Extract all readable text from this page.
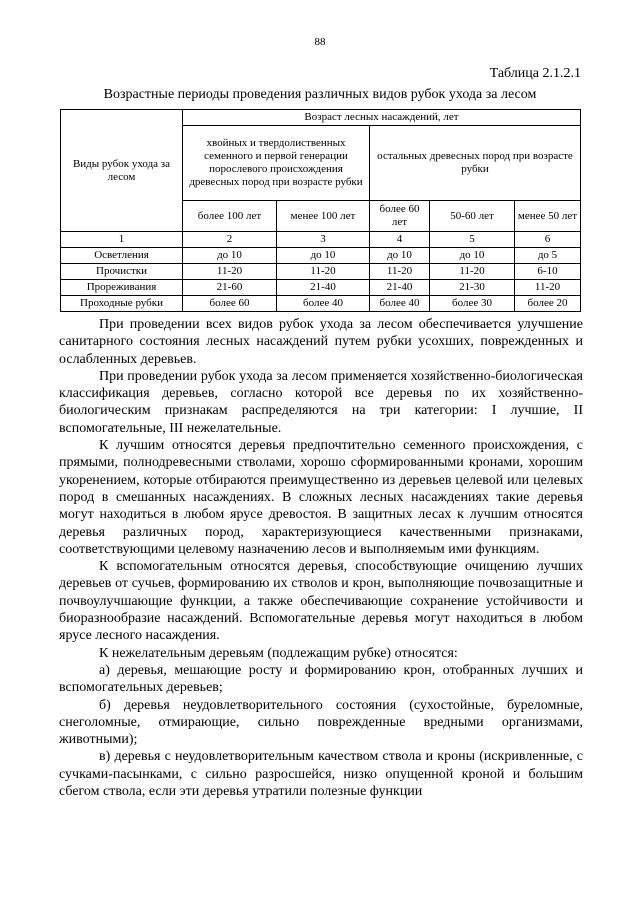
88
Таблица 2.1.2.1
Возрастные периоды проведения различных видов рубок ухода за лесом
Виды рубок ухода за лесом	Возраст лесных насаждений, лет				
	хвойных и твердолиственных семенного и первой генерации порослевого происхождения древесных пород при возрасте рубки		остальных древесных пород при возрасте рубки		
	более 100 лет	менее 100 лет	более 60 лет	50-60 лет	менее 50 лет
1	2	3	4	5	6
Осветления	до 10	до 10	до 10	до 10	до 5
Прочистки	11-20	11-20	11-20	11-20	6-10
Прореживания	21-60	21-40	21-40	21-30	11-20
Проходные рубки	более 60	более 40	более 40	более 30	более 20

При проведении всех видов рубок ухода за лесом обеспечивается улучшение санитарного состояния лесных насаждений путем рубки усохших, поврежденных и ослабленных деревьев.

При проведении рубок ухода за лесом применяется хозяйственно-биологическая классификация деревьев, согласно которой все деревья по их хозяйственно-биологическим признакам распределяются на три категории: I лучшие, II вспомогательные, III нежелательные.

К лучшим относятся деревья предпочтительно семенного происхождения, с прямыми, полнодревесными стволами, хорошо сформированными кронами, хорошим укоренением, которые отбираются преимущественно из деревьев целевой или целевых пород в смешанных насаждениях. В сложных лесных насаждениях такие деревья могут находиться в любом ярусе древостоя. В защитных лесах к лучшим относятся деревья различных пород, характеризующиеся качественными признаками, соответствующими целевому назначению лесов и выполняемым ими функциям.

К вспомогательным относятся деревья, способствующие очищению лучших деревьев от сучьев, формированию их стволов и крон, выполняющие почвозащитные и почвоулучшающие функции, а также обеспечивающие сохранение устойчивости и биоразнообразие насаждений. Вспомогательные деревья могут находиться в любом ярусе лесного насаждения.

К нежелательным деревьям (подлежащим рубке) относятся:

а) деревья, мешающие росту и формированию крон, отобранных лучших и вспомогательных деревьев;

б) деревья неудовлетворительного состояния (сухостойные, буреломные, снеголомные, отмирающие, сильно поврежденные вредными организмами, животными);

в) деревья с неудовлетворительным качеством ствола и кроны (искривленные, с сучками-пасынками, с сильно разросшейся, низко опущенной кроной и большим сбегом ствола, если эти деревья утратили полезные функции
